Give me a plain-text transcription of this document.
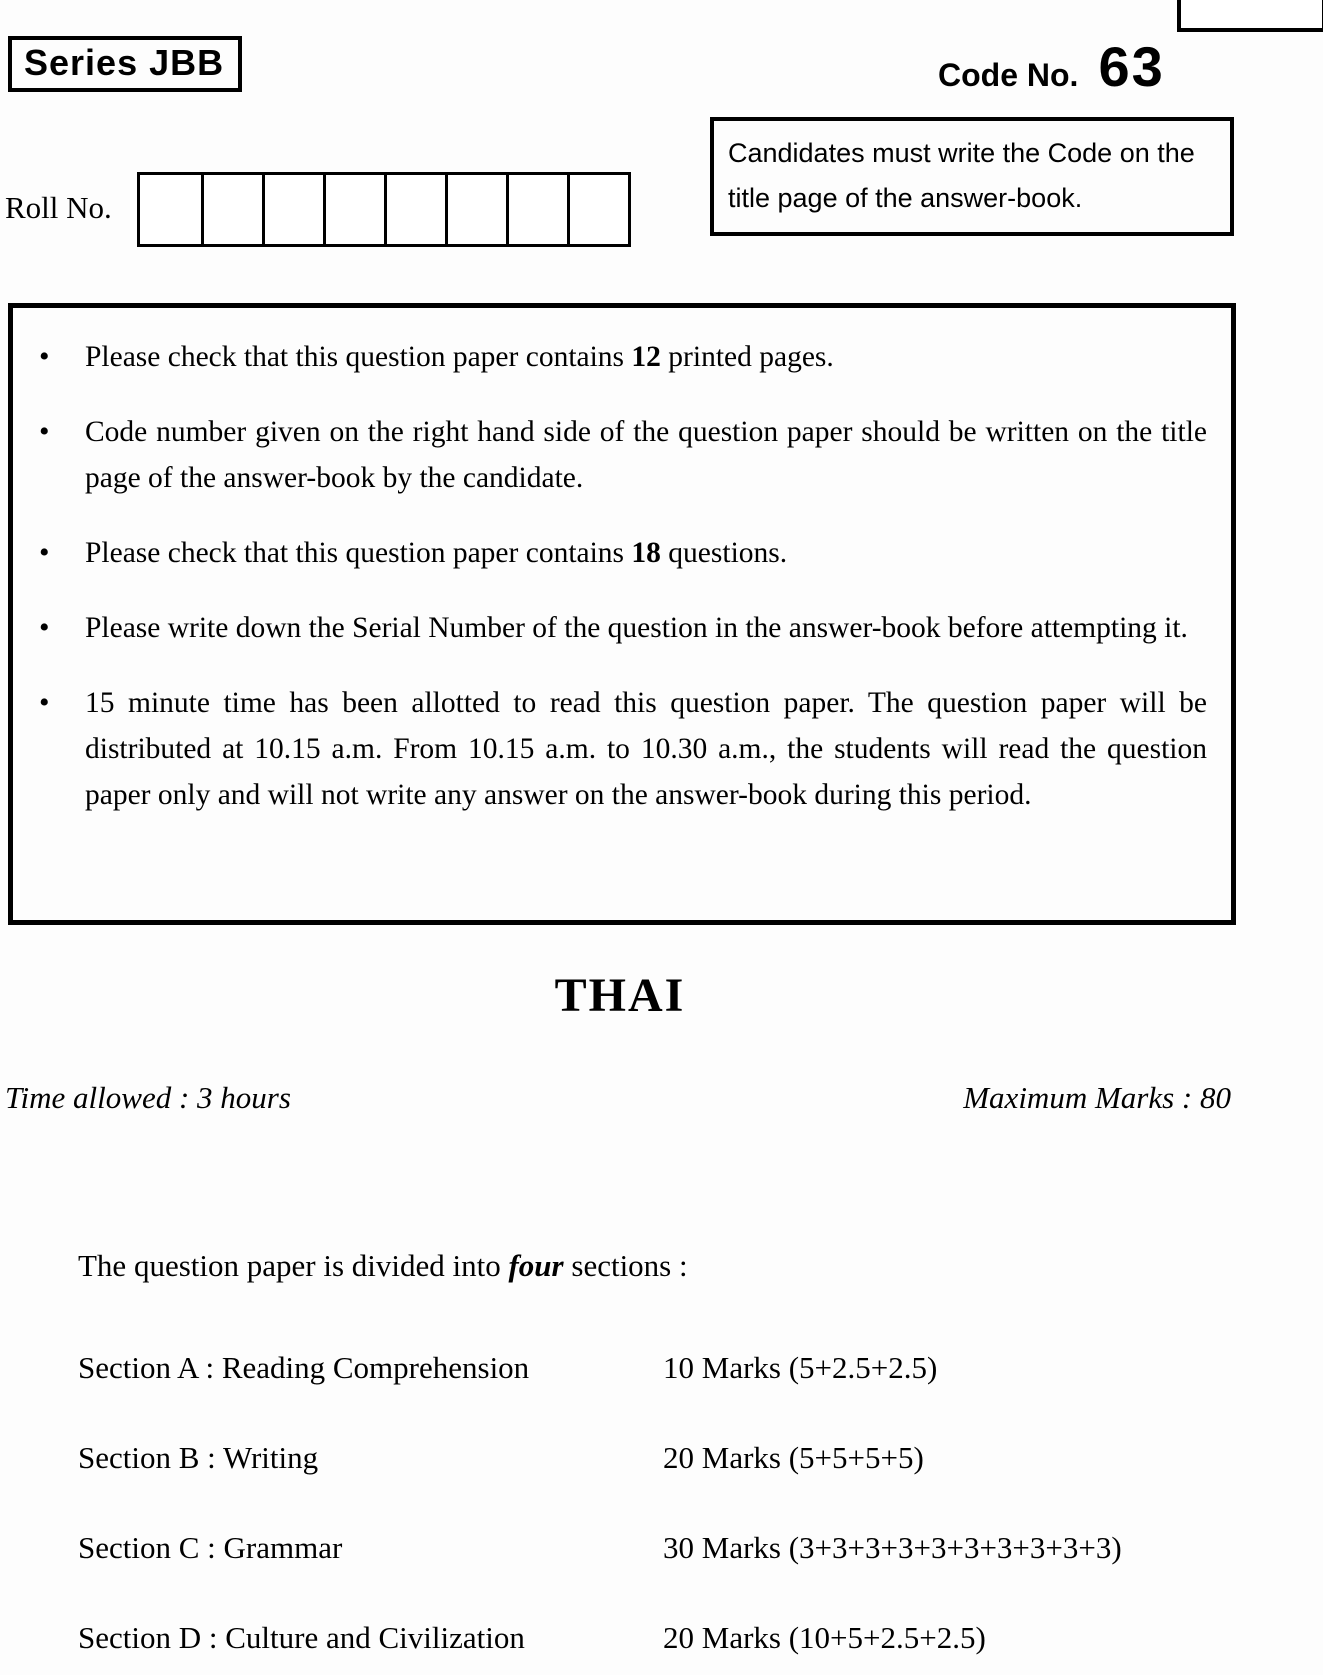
Series JBB	Code No. 63
Candidates must write the Code on the title page of the answer-book.
Roll No.
•	Please check that this question paper contains 12 printed pages.
•	Code number given on the right hand side of the question paper should be written on the title page of the answer-book by the candidate.
•	Please check that this question paper contains 18 questions.
•	Please write down the Serial Number of the question in the answer-book before attempting it.
•	15 minute time has been allotted to read this question paper. The question paper will be distributed at 10.15 a.m. From 10.15 a.m. to 10.30 a.m., the students will read the question paper only and will not write any answer on the answer-book during this period.
THAI
Time allowed : 3 hours	Maximum Marks : 80
The question paper is divided into four sections :
Section A : Reading Comprehension	10 Marks (5+2.5+2.5)
Section B : Writing	20 Marks (5+5+5+5)
Section C : Grammar	30 Marks (3+3+3+3+3+3+3+3+3+3)
Section D : Culture and Civilization	20 Marks (10+5+2.5+2.5)
